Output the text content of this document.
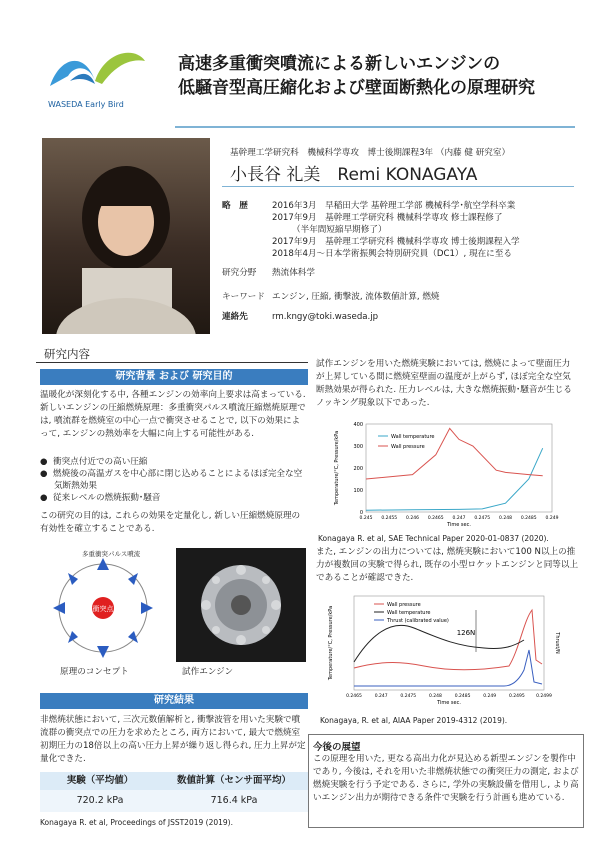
WASEDA Early Bird
高速多重衝突噴流による新しいエンジンの
低騒音型高圧縮化および壁面断熱化の原理研究
基幹理工学研究科　機械科学専攻　博士後期課程3年 （内藤 健 研究室）
小長谷 礼美　Remi KONAGAYA
略　歴	2016年3月　早稲田大学 基幹理工学部 機械科学･航空学科卒業
2017年9月　基幹理工学研究科 機械科学専攻 修士課程修了
（半年間短縮早期修了）
2017年9月　基幹理工学研究科 機械科学専攻 博士後期課程入学
2018年4月～日本学術振興会特別研究員（DC1）, 現在に至る
研究分野 熱流体科学
キーワード エンジン, 圧縮, 衝撃波, 流体数値計算, 燃焼
連絡先	rm.kngy@toki.waseda.jp
研究内容
研究背景 および 研究目的
温暖化が深刻化する中, 各種エンジンの効率向上要求は高まっている. 新しいエンジンの圧縮燃焼原理：多重衝突パルス噴流圧縮燃焼原理では, 噴流群を燃焼室の中心一点で衝突させることで, 以下の効果によって, エンジンの熱効率を大幅に向上する可能性がある.
●  衝突点付近での高い圧縮
●  燃焼後の高温ガスを中心部に閉じ込めることによるほぼ完全な空気断熱効果
●  従来レベルの燃焼振動･騒音
この研究の目的は, これらの効果を定量化し, 新しい圧縮燃焼原理の有効性を確立することである.
衝突点
多重衝突パルス噴流
原理のコンセプト	試作エンジン
研究結果
非燃焼状態において, 三次元数値解析と, 衝撃波管を用いた実験で噴流群の衝突点での圧力を求めたところ, 両方において, 最大で燃焼室初期圧力の18倍以上の高い圧力上昇が繰り返し得られ, 圧力上昇が定量化できた.
実験（平均値）	数値計算（センサ面平均）
720.2 kPa	716.4 kPa
Konagaya R. et al, Proceedings of JSST2019 (2019).
試作エンジンを用いた燃焼実験においては, 燃焼によって壁面圧力が上昇している間に燃焼室壁面の温度が上がらず, ほぼ完全な空気断熱効果が得られた. 圧力レベルは, 大きな燃焼振動･騒音が生じるノッキング現象以下であった.
0
100
200
300
400
0.245 0.2455 0.246 0.2465 0.247 0.2475 0.248 0.2485 0.249
Time sec.
Temperature/°C, Pressure/kPa	Wall temperature
Wall pressure
Konagaya R. et al, SAE Technical Paper 2020-01-0837 (2020).
また, エンジンの出力については, 燃焼実験において100 N以上の推力が複数回の実験で得られ, 既存の小型ロケットエンジンと同等以上であることが確認できた.
0.2465	0.247	0.2475	0.248	0.2485	0.249	0.2495	0.2499
Time sec.
Temperature/°C, Pressure/kPa	Thrust/N
Wall pressure
Wall temperature
Thrust (calibrated value)
126N
Konagaya, R. et al, AIAA Paper 2019-4312 (2019).
今後の展望
この原理を用いた, 更なる高出力化が見込める新型エンジンを製作中であり, 今後は, それを用いた非燃焼状態での衝突圧力の測定, および燃焼実験を行う予定である. さらに, 学外の実験設備を借用し, より高いエンジン出力が期待できる条件で実験を行う計画も進めている.
